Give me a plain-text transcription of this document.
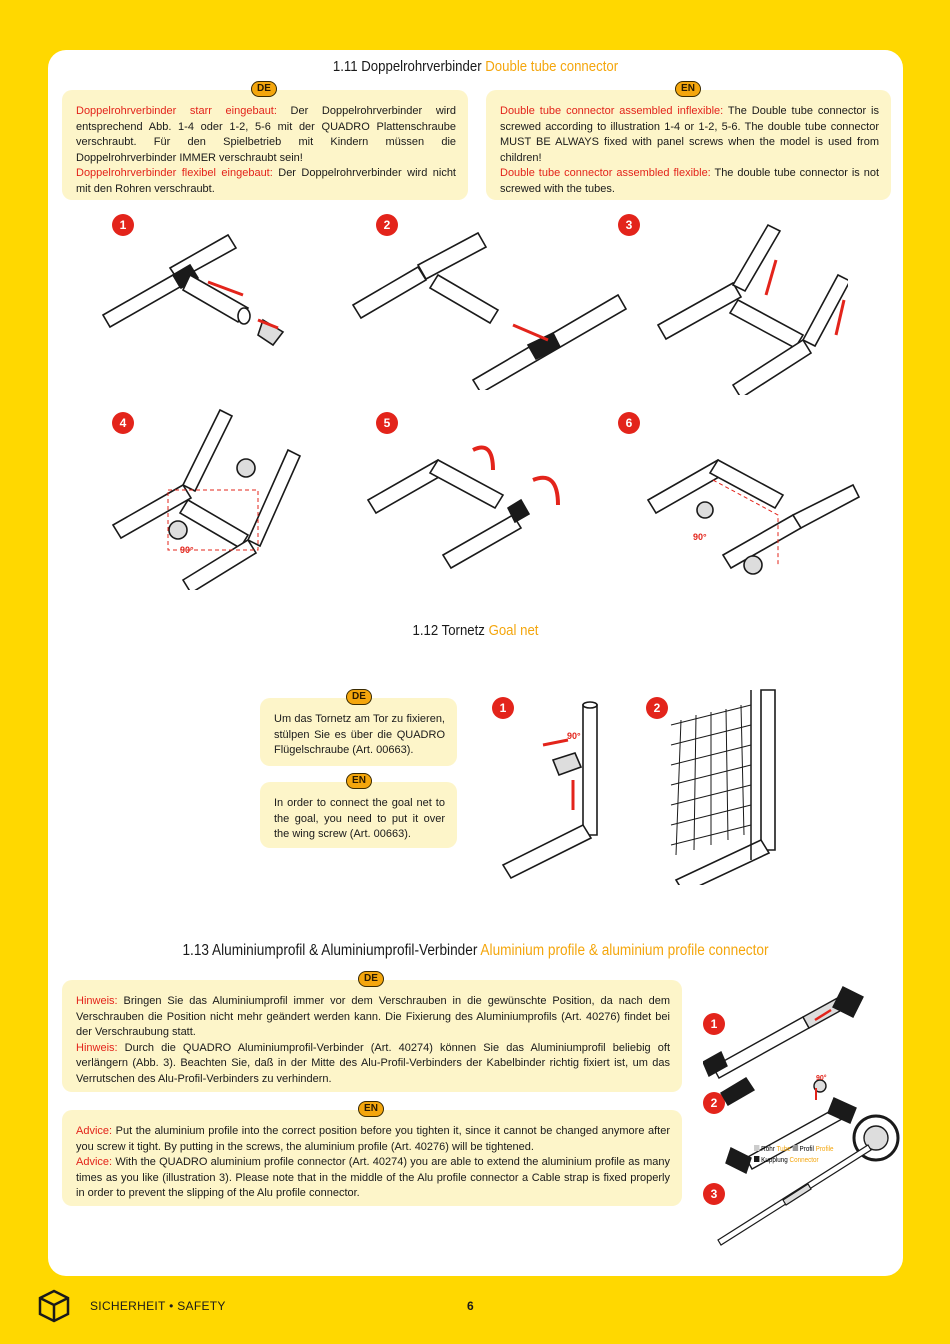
1.11 Doppelrohrverbinder Double tube connector
DE

Doppelrohrverbinder starr eingebaut: Der Doppelrohrverbinder wird entsprechend Abb. 1-4 oder 1-2, 5-6 mit der QUADRO Plattenschraube verschraubt. Für den Spielbetrieb mit Kindern müssen die Doppelrohrverbinder IMMER verschraubt sein!

Doppelrohrverbinder flexibel eingebaut: Der Doppelrohrverbinder wird nicht mit den Rohren verschraubt.

EN

Double tube connector assembled inflexible: The Double tube connector is screwed according to illustration 1-4 or 1-2, 5-6. The double tube connector MUST BE ALWAYS fixed with panel screws when the model is used from children!

Double tube connector assembled flexible: The double tube connector is not screwed with the tubes.

1	2	3
4	5	6
90°
90°
1.12 Tornetz Goal net
DE

Um das Tornetz am Tor zu fixieren, stülpen Sie es über die QUADRO Flügelschraube (Art. 00663).

EN

In order to connect the goal net to the goal, you need to put it over the wing screw (Art. 00663).

1	2
90°
1.13 Aluminiumprofil & Aluminiumprofil-Verbinder Aluminium profile & aluminium profile connector
DE

Hinweis: Bringen Sie das Aluminiumprofil immer vor dem Verschrauben in die gewünschte Position, da nach dem Verschrauben die Position nicht mehr geändert werden kann. Die Fixierung des Aluminiumprofils (Art. 40276) findet bei der Verschraubung statt.

Hinweis: Durch die QUADRO Aluminiumprofil-Verbinder (Art. 40274) können Sie das Aluminiumprofil beliebig oft verlängern (Abb. 3). Beachten Sie, daß in der Mitte des Alu-Profil-Verbinders der Kabelbinder richtig fixiert ist, um das Verrutschen des Alu-Profil-Verbinders zu verhindern.

EN

Advice: Put the aluminium profile into the correct position before you tighten it, since it cannot be changed anymore after you screw it tight. By putting in the screws, the aluminium profile (Art. 40276) will be tightened.

Advice: With the QUADRO aluminium profile connector (Art. 40274) you are able to extend the aluminium profile as many times as you like (illustration 3). Please note that in the middle of the Alu profile connector a Cable strap is fixed properly in order to prevent the slipping of the Alu profile connector.

1
2
3
90°
Rohr Tube Profil Profile
Kupplung Connector
SICHERHEIT • SAFETY	6
